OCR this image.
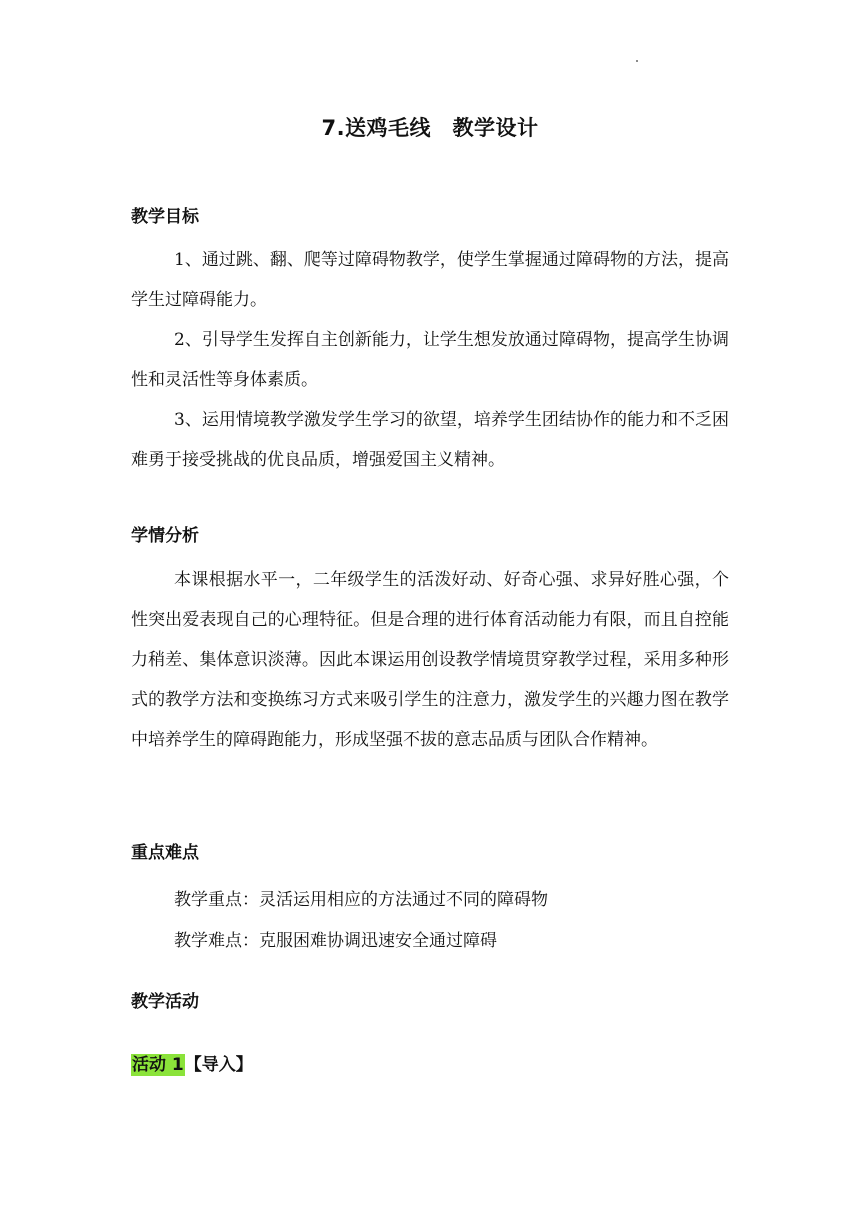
7.送鸡毛线　教学设计
教学目标
1、通过跳、翻、爬等过障碍物教学，使学生掌握通过障碍物的方法，提高学生过障碍能力。
2、引导学生发挥自主创新能力，让学生想发放通过障碍物，提高学生协调性和灵活性等身体素质。
3、运用情境教学激发学生学习的欲望，培养学生团结协作的能力和不乏困难勇于接受挑战的优良品质，增强爱国主义精神。
学情分析
本课根据水平一，二年级学生的活泼好动、好奇心强、求异好胜心强，个性突出爱表现自己的心理特征。但是合理的进行体育活动能力有限，而且自控能力稍差、集体意识淡薄。因此本课运用创设教学情境贯穿教学过程，采用多种形式的教学方法和变换练习方式来吸引学生的注意力，激发学生的兴趣力图在教学中培养学生的障碍跑能力，形成坚强不拔的意志品质与团队合作精神。
重点难点
教学重点：灵活运用相应的方法通过不同的障碍物
教学难点：克服困难协调迅速安全通过障碍
教学活动
活动 1【导入】
